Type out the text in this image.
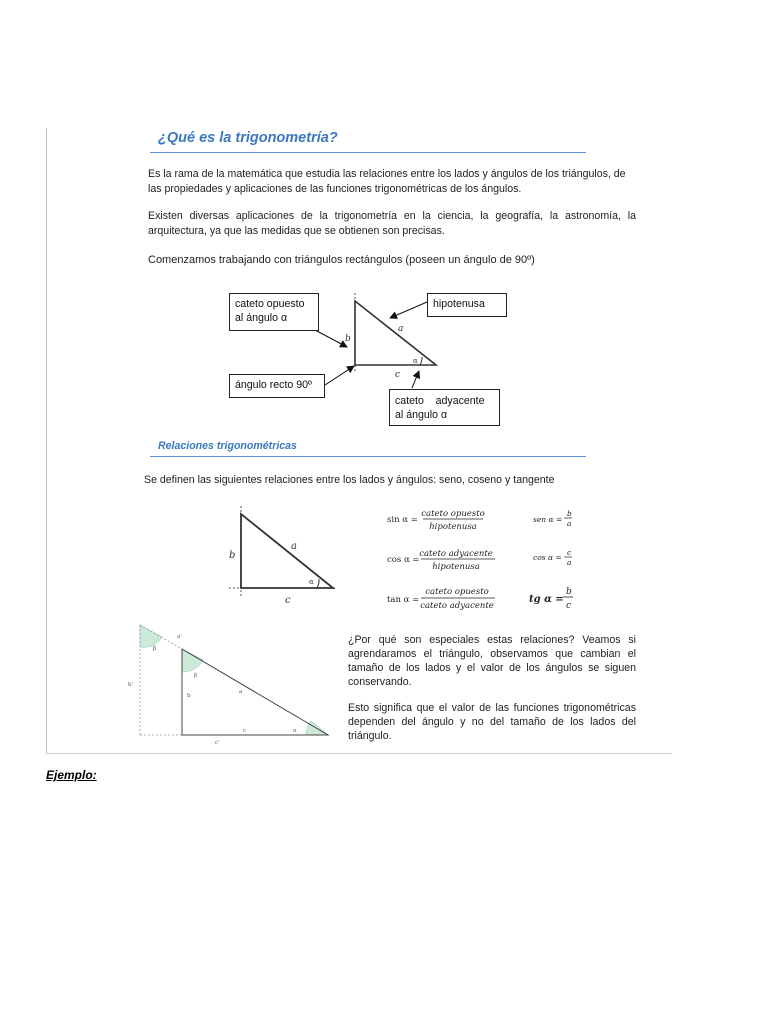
¿Qué es la trigonometría?
Es la rama de la matemática que estudia las relaciones entre los lados y ángulos de los triángulos, de
las propiedades y aplicaciones de las funciones trigonométricas de los ángulos.
Existen diversas aplicaciones de la trigonometría en la ciencia, la geografía, la astronomía, la arquitectura, ya que las medidas que se obtienen son precisas.
Comenzamos trabajando con triángulos rectángulos (poseen un ángulo de 90º)
a
b
c
α
cateto opuesto
al ángulo α
hipotenusa
ángulo recto 90º
cateto    adyacente
al ángulo α
Relaciones trigonométricas
Se definen las siguientes relaciones entre los lados y ángulos: seno, coseno y tangente
a
b
c
α
sin α =
cateto opuesto
hipotenusa
cos α =
cateto adyacente
hipotenusa
tan α =
cateto opuesto
cateto adyacente
sen α =
b
a
cos α =
c
a
tg α =
b
c
β
β
b'
a'
c'
b
a
c	α
¿Por qué son especiales estas relaciones? Veamos si agrendaramos el triángulo, observamos que cambian el tamaño de los lados y el valor de los ángulos se siguen conservando.
Esto significa que el valor de las funciones trigonométricas dependen del ángulo y no del tamaño de los lados del triángulo.
Ejemplo:
